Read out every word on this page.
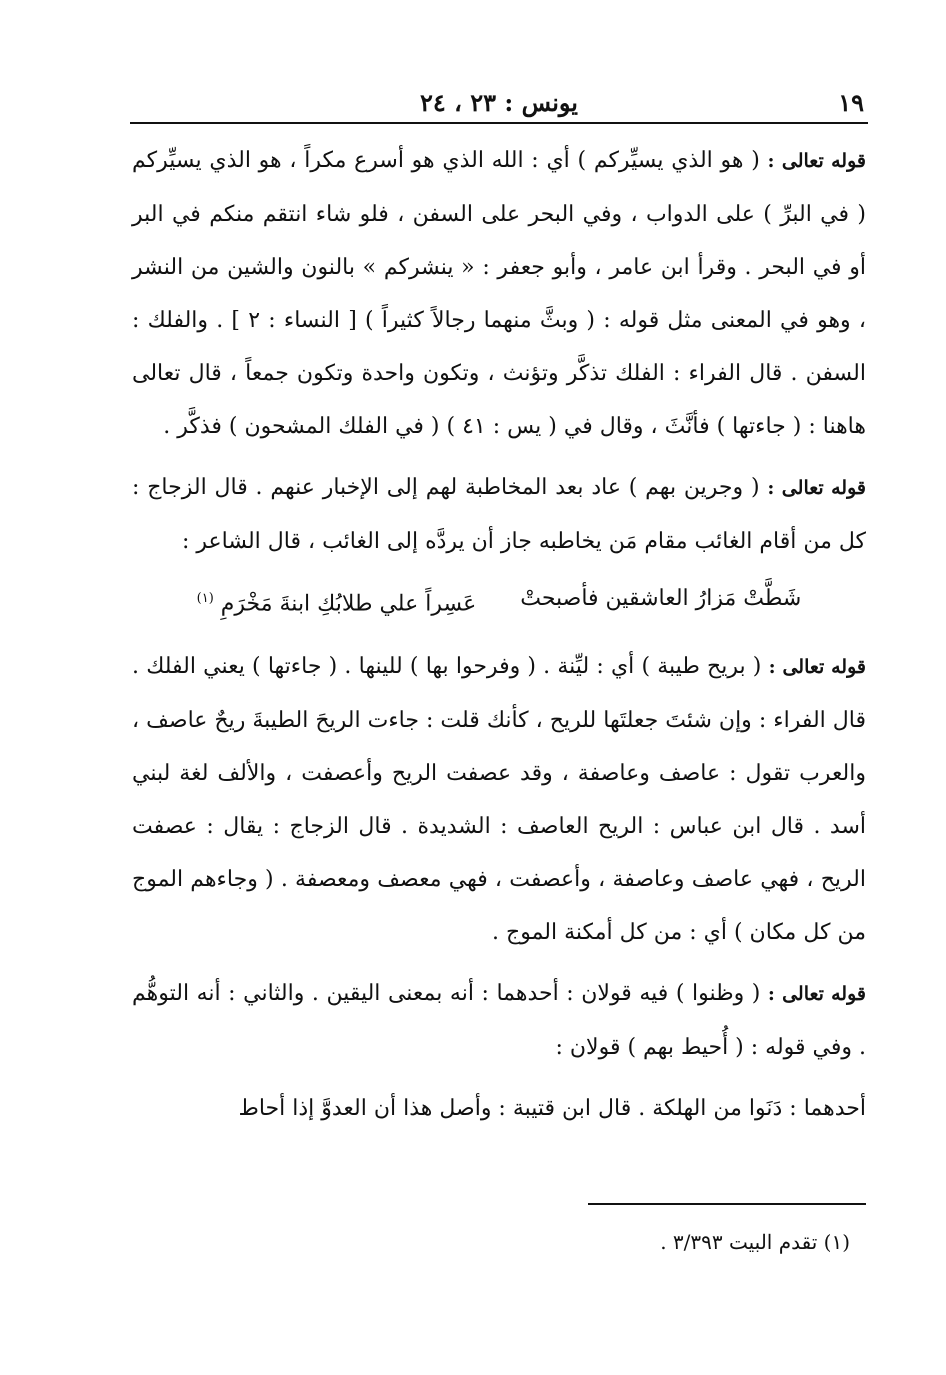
يونس : ٢٣ ، ٢٤	١٩

قوله تعالى : ( هو الذي يسيِّركم ) أي : الله الذي هو أسرع مكراً ، هو الذي يسيِّركم ( في البرِّ ) على الدواب ، وفي البحر على السفن ، فلو شاء انتقم منكم في البر أو في البحر . وقرأ ابن عامر ، وأبو جعفر : « ينشركم » بالنون والشين من النشر ، وهو في المعنى مثل قوله : ( وبثَّ منهما رجالاً كثيراً ) [ النساء : ٢ ] . والفلك : السفن . قال الفراء : الفلك تذكَّر وتؤنث ، وتكون واحدة وتكون جمعاً ، قال تعالى هاهنا : ( جاءتها ) فأنَّثَ ، وقال في ( يس : ٤١ ) ( في الفلك المشحون ) فذكَّر .

قوله تعالى : ( وجرين بهم ) عاد بعد المخاطبة لهم إلى الإخبار عنهم . قال الزجاج : كل من أقام الغائب مقام مَن يخاطبه جاز أن يردَّه إلى الغائب ، قال الشاعر :

شَطَّتْ مَزارُ العاشقين فأصبحتْ
عَسِراً علي طلابُكِ ابنةَ مَخْرَمِ $^{(١)}$

قوله تعالى : ( بريح طيبة ) أي : ليِّنة . ( وفرحوا بها ) للينها . ( جاءتها ) يعني الفلك . قال الفراء : وإن شئتَ جعلتَها للريح ، كأنك قلت : جاءت الريحَ الطيبةَ ريحٌ عاصف ، والعرب تقول : عاصف وعاصفة ، وقد عصفت الريح وأعصفت ، والألف لغة لبني أسد . قال ابن عباس : الريح العاصف : الشديدة . قال الزجاج : يقال : عصفت الريح ، فهي عاصف وعاصفة ، وأعصفت ، فهي معصف ومعصفة . ( وجاءهم الموج من كل مكان ) أي : من كل أمكنة الموج .

قوله تعالى : ( وظنوا ) فيه قولان : أحدهما : أنه بمعنى اليقين . والثاني : أنه التوهُّم . وفي قوله : ( أُحيط بهم ) قولان :

أحدهما : دَنَوا من الهلكة . قال ابن قتيبة : وأصل هذا أن العدوَّ إذا أحاط

(١) تقدم البيت ٣/٣٩٣ .
